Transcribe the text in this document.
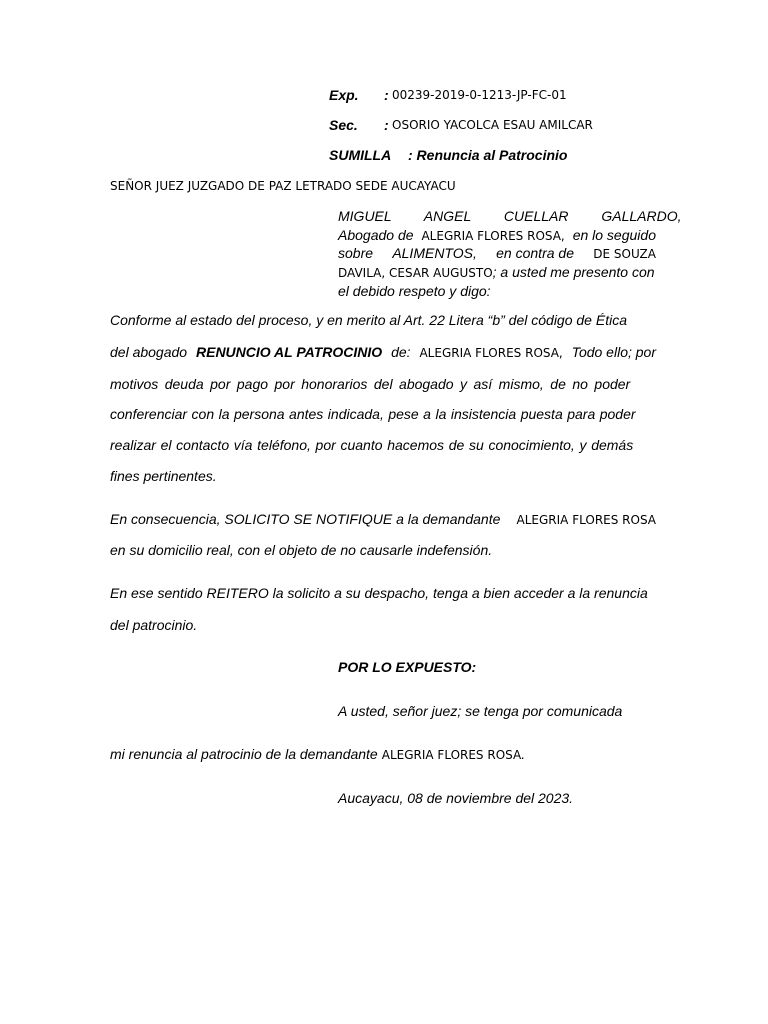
Exp. : 00239-2019-0-1213-JP-FC-01
Sec. : OSORIO YACOLCA ESAU AMILCAR
SUMILLA : Renuncia al Patrocinio
SEÑOR JUEZ JUZGADO DE PAZ LETRADO SEDE AUCAYACU
MIGUEL ANGEL CUELLAR GALLARDO,
Abogado de ALEGRIA FLORES ROSA, en lo seguido
sobre ALIMENTOS, en contra de DE SOUZA
DAVILA, CESAR AUGUSTO ; a usted me presento con
el debido respeto y digo:
Conforme al estado del proceso, y en merito al Art. 22 Litera “b” del código de Ética
del abogado RENUNCIO AL PATROCINIO de: ALEGRIA FLORES ROSA, Todo ello; por
motivos deuda por pago por honorarios del abogado y así mismo, de no poder
conferenciar con la persona antes indicada, pese a la insistencia puesta para poder
realizar el contacto vía teléfono, por cuanto hacemos de su conocimiento, y demás
fines pertinentes.
En consecuencia, SOLICITO SE NOTIFIQUE a la demandante ALEGRIA FLORES ROSA
en su domicilio real, con el objeto de no causarle indefensión.
En ese sentido REITERO la solicito a su despacho, tenga a bien acceder a la renuncia
del patrocinio.
POR LO EXPUESTO:
A usted, señor juez; se tenga por comunicada
mi renuncia al patrocinio de la demandante ALEGRIA FLORES ROSA .
Aucayacu, 08 de noviembre del 2023.
